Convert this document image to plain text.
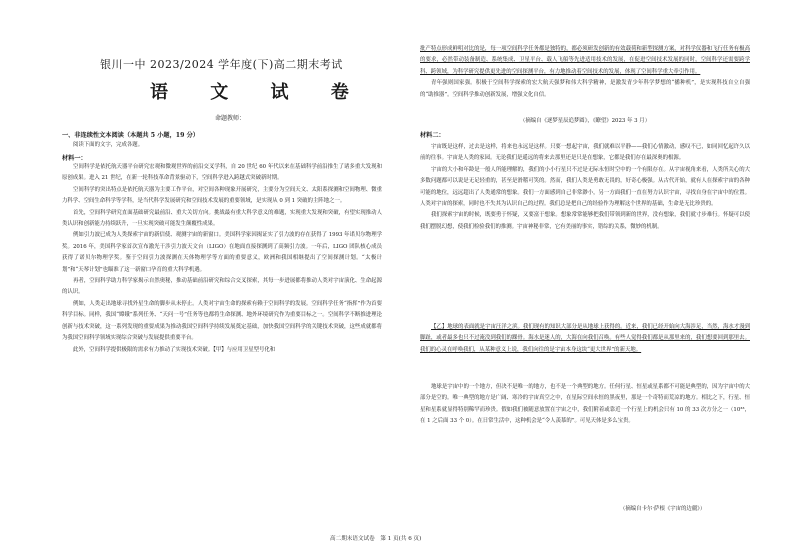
银川一中 2023/2024 学年度(下)高二期末考试
语 文 试 卷
命题教师：
一、非连续性文本阅读（本题共 5 小题，19 分）
阅读下面的文字，完成各题。
材料一：

空间科学是依托航天器平台研究宏观和微观世界的前沿交叉学科，自 20 世纪 60 年代以来在基础科学前沿推生了诸多重大发现和原创成果。进入 21 世纪，在新一轮科技革命背景驱动下，空间科学进入跨越式突破新时期。

空间科学的突出特点是依托航天器为主要工作平台，对空间各种现象开展研究，主要分为空间天文、太阳系探测和空间物理、微重力科学、空间生命科学等学科，是当代科学发展研究和空间技术发展的重要领域，是实现从 0 到 1 突破的主阵地之一。

首先，空间科学研究直面基础研究最前沿、重大关切方向。挑战最有重大科学意义的难题，实现重大发现和突破，有望实现推动人类认识和创新能力持续跃升，一旦实现突破可能发生颠覆性成果。

例如引力波已成为人类探索宇宙的新信使、观测宇宙的新窗口。美国科学家因揭证实了引力波的存在获得了 1993 年诺贝尔物理学奖。2016 年，美国科学家首次宣布激光干涉引力波天文台（LIGO）在地面直接探测到了高频引力波。一年后，LIGO 团队核心成员获得了诺贝尔物理学奖。鉴于空间引力波探测在天体物理学等方面的重要意义，欧洲和我国相继提出了空间探测计划。“太极计划”和“天琴计划”也瞄准了这一新窗口孕育的重大科学机遇。

再者，空间科学助力科学家揭示自然奥秘，推动基础前沿研究和综合交叉探索，其每一步进展都将推动人类对宇宙演化、生命起源的认识。

例如，人类走出地球寻找外星生命的脚步从未停止。人类对宇宙生命的探索有赖于空间科学的发展。空间科学任务“指挥”作为首要科学目标。同样，我国“嫦娥”系列任务、“天问一号”任务等也都将生命探测、地外环境研究作为重要目标之一。空间科学不断推进理论创新与技术突破，这一系列发现的重要成果为推动我国空间科学持续发展奠定基础，加快我国空间科学的关键技术突破，这些成就都将为我国空间科学领域实现综合突破与发展提供重要平台。

此外，空间科学提供极限的需求有力推动了实现技术突破。【甲】与应用卫星型号化和

批产特点形成鲜明对比的是，每一项空间科学任务都是独特的，都必须研发创新的有效载荷和新型探测方案，对科学仪器和飞行任务有极高的要求，必然带动装备制造、系统集成、卫星平台、载人飞船等先进适用技术的发展，在促进空间技术发展的同时，空间科学还需要跨学科、跨领域，为科学研究提供更先进的空间探测平台，有力地推动着空间技术的发展，体现了空间科学重大牵引作用。

青年强则国家强。积极于空间科学探索的宏大航天强梦和伟大科学精神，是激发青少年科学梦想的“播种机”，是实现科技自立自强的“助推器”。空间科学推动创新发展，增强文化自信。

（摘编自《逐梦星辰追梦圆》，《瞭望》2023 年 3 月）
材料二：

宇宙既是这样，过去是这样，将来也永远是这样。只要一想起宇宙，我们就难以平静——我们心情激动，感叹不已，如同回忆起许久以前的往事。宇宙是人类的家园。无论我们是遥远的将来去那里还是只是在想象，它都是我们存在最深奥的根源。

宇宙的大小和年龄是一般人所能理解的，我们的小小行星只不过是无际永恒时空中的一个有限存在。从宇宙视角来看，人类所关心的大多数问题都可以说是无足轻重的，甚至是滑稽可笑的。然而，我们人类是勇敢无畏的，好奇心极强。从古代开始，就有人在探索宇宙的各种可能的地位，远远超出了人类通常的想象。我们一方面感到自己非常渺小，另一方面我们一直在努力认识宇宙，寻找自身在宇宙中的位置。人类对宇宙的探索，同时也不失其为认识自己的过程。我们总是把自己的经验作为理解这个世界的基础，生命是无比珍贵的。

我们探索宇宙的时候，既要勇于怀疑，又要富于想象。想象常常能够把我们带领到新的世界，没有想象，我们就寸步难行。怀疑可以使我们摆脱幻想，使我们检验我们的推测。宇宙神秘非常，它有美丽的事实，错综的关系，微妙的机制。

【乙】地球的表面就是宇宙汪洋之滨。我们现有的知识大部分是从地球上获得的。近来，我们已经开始向大海涉足，当然，海水才漫到脚趾，或者最多也只不过淹没到我们的踝骨。海水是迷人的，大海在向我们召唤。有些人觉得我们都是从那里来的，我们想要回到那里去。我们的心灵在呼唤我们，从某种意义上说，我们向往的是宇宙本身这块“更大世界”的新天地。

地球是宇宙中的一个地方，但决不是唯一的地方，也不是一个典型的地方。任何行星、恒星或星系都不可能是典型的，因为宇宙中的大部分是空的。唯一典型的地方是广阔、寒冷的宇宙真空之中，在星际空间永恒的黑夜里，那是一个奇特而荒凉的地方。相比之下，行星、恒星和星系就显得特别稀罕而珍贵。假如我们被随意放置在宇宙之中，我们附着或靠近一个行星上的机会只有 10 的 33 次方分之一（10³³，在 1 之后面 33 个 0）。在日常生活中，这种机会是“令人羡慕的”。可见天体是多么宝贵。

（摘编自卡尔·萨根《宇宙的边疆》）
高二期末语文试卷　第 1 页(共 6 页)
